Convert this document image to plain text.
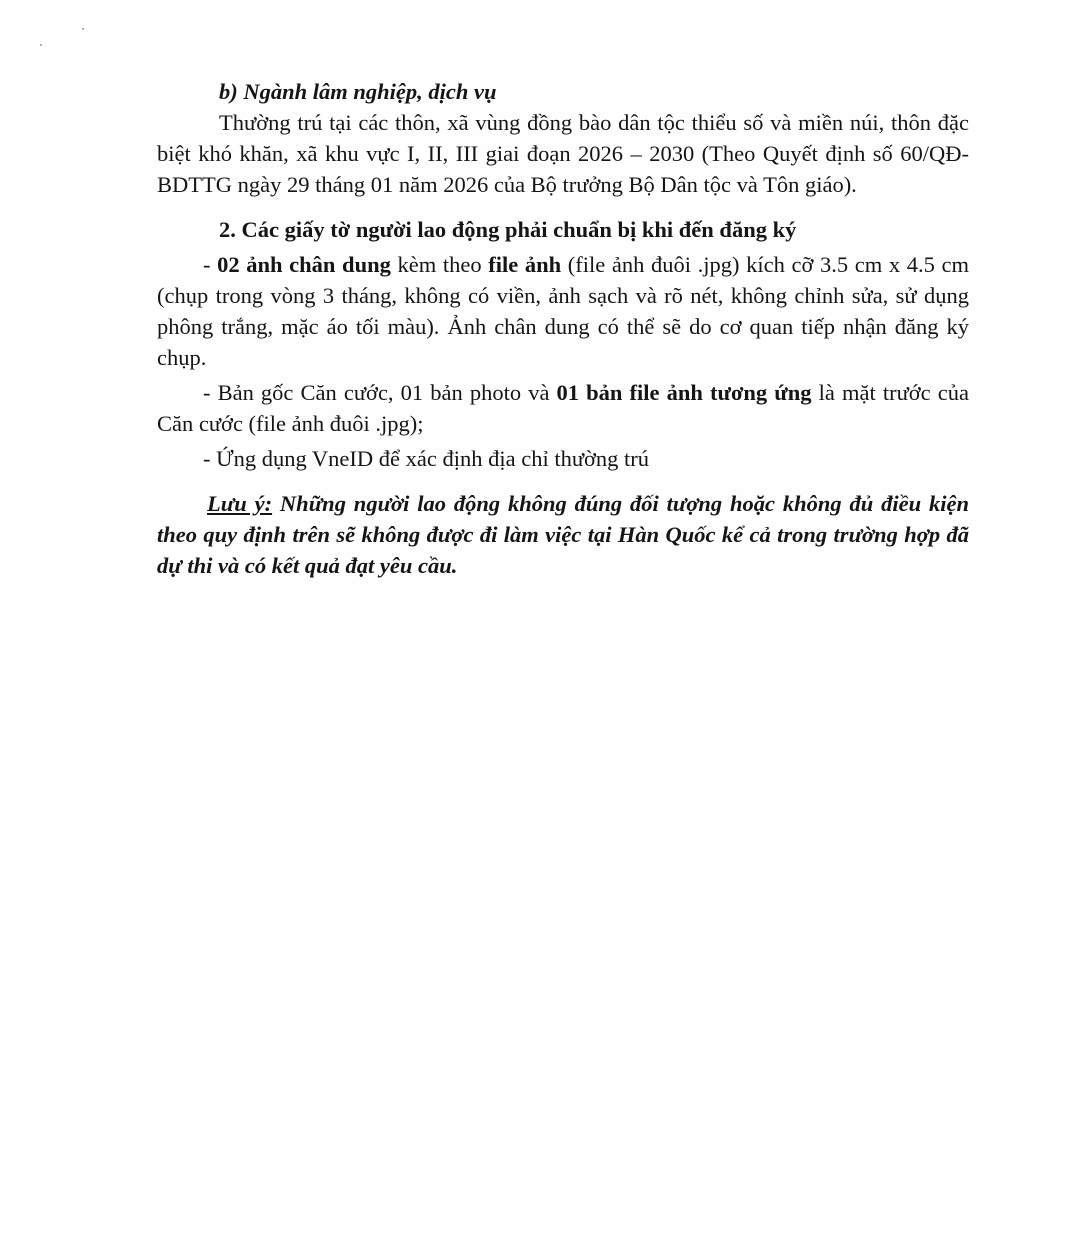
b) Ngành lâm nghiệp, dịch vụ

Thường trú tại các thôn, xã vùng đồng bào dân tộc thiểu số và miền núi, thôn đặc biệt khó khăn, xã khu vực I, II, III giai đoạn 2026 – 2030 (Theo Quyết định số 60/QĐ-BDTTG ngày 29 tháng 01 năm 2026 của Bộ trưởng Bộ Dân tộc và Tôn giáo).

2. Các giấy tờ người lao động phải chuẩn bị khi đến đăng ký

- 02 ảnh chân dung kèm theo file ảnh (file ảnh đuôi .jpg) kích cỡ 3.5 cm x 4.5 cm (chụp trong vòng 3 tháng, không có viền, ảnh sạch và rõ nét, không chỉnh sửa, sử dụng phông trắng, mặc áo tối màu). Ảnh chân dung có thể sẽ do cơ quan tiếp nhận đăng ký chụp.

- Bản gốc Căn cước, 01 bản photo và 01 bản file ảnh tương ứng là mặt trước của Căn cước (file ảnh đuôi .jpg);

- Ứng dụng VneID để xác định địa chỉ thường trú

Lưu ý: Những người lao động không đúng đối tượng hoặc không đủ điều kiện theo quy định trên sẽ không được đi làm việc tại Hàn Quốc kể cả trong trường hợp đã dự thi và có kết quả đạt yêu cầu.
